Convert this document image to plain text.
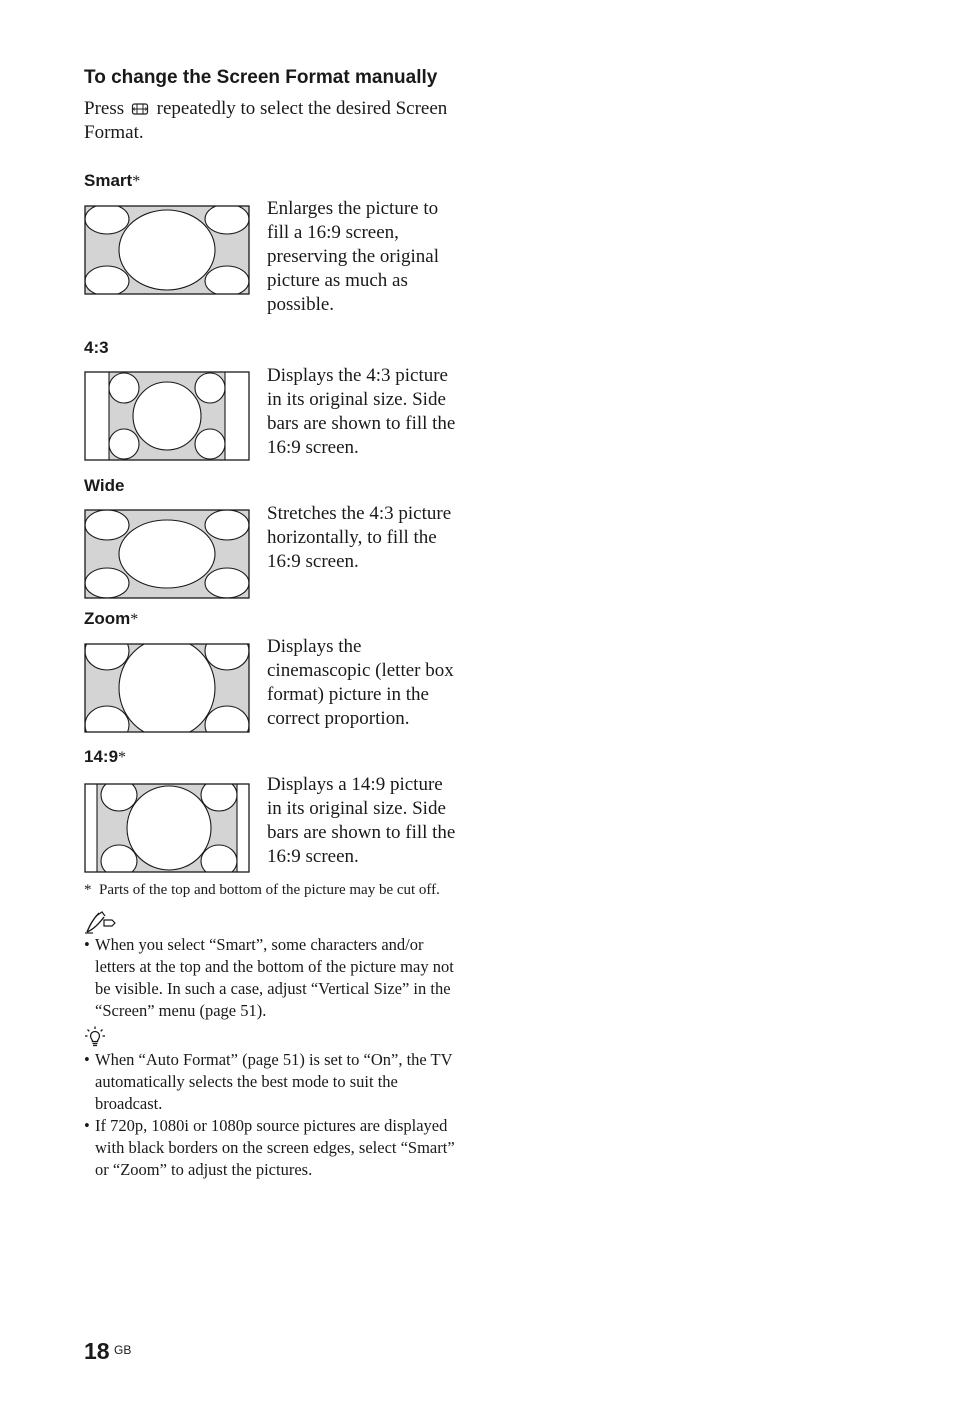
To change the Screen Format manually
Press repeatedly to select the desired Screen Format.
Smart*
Enlarges the picture to fill a 16:9 screen, preserving the original picture as much as possible.
4:3
Displays the 4:3 picture in its original size. Side bars are shown to fill the 16:9 screen.
Wide
Stretches the 4:3 picture horizontally, to fill the 16:9 screen.
Zoom*
Displays the cinemascopic (letter box format) picture in the correct proportion.
14:9*
Displays a 14:9 picture in its original size. Side bars are shown to fill the 16:9 screen.
* Parts of the top and bottom of the picture may be cut off.
• When you select “Smart”, some characters and/or letters at the top and the bottom of the picture may not be visible. In such a case, adjust “Vertical Size” in the “Screen” menu (page 51).
• When “Auto Format” (page 51) is set to “On”, the TV automatically selects the best mode to suit the broadcast.
• If 720p, 1080i or 1080p source pictures are displayed with black borders on the screen edges, select “Smart” or “Zoom” to adjust the pictures.
18 GB
